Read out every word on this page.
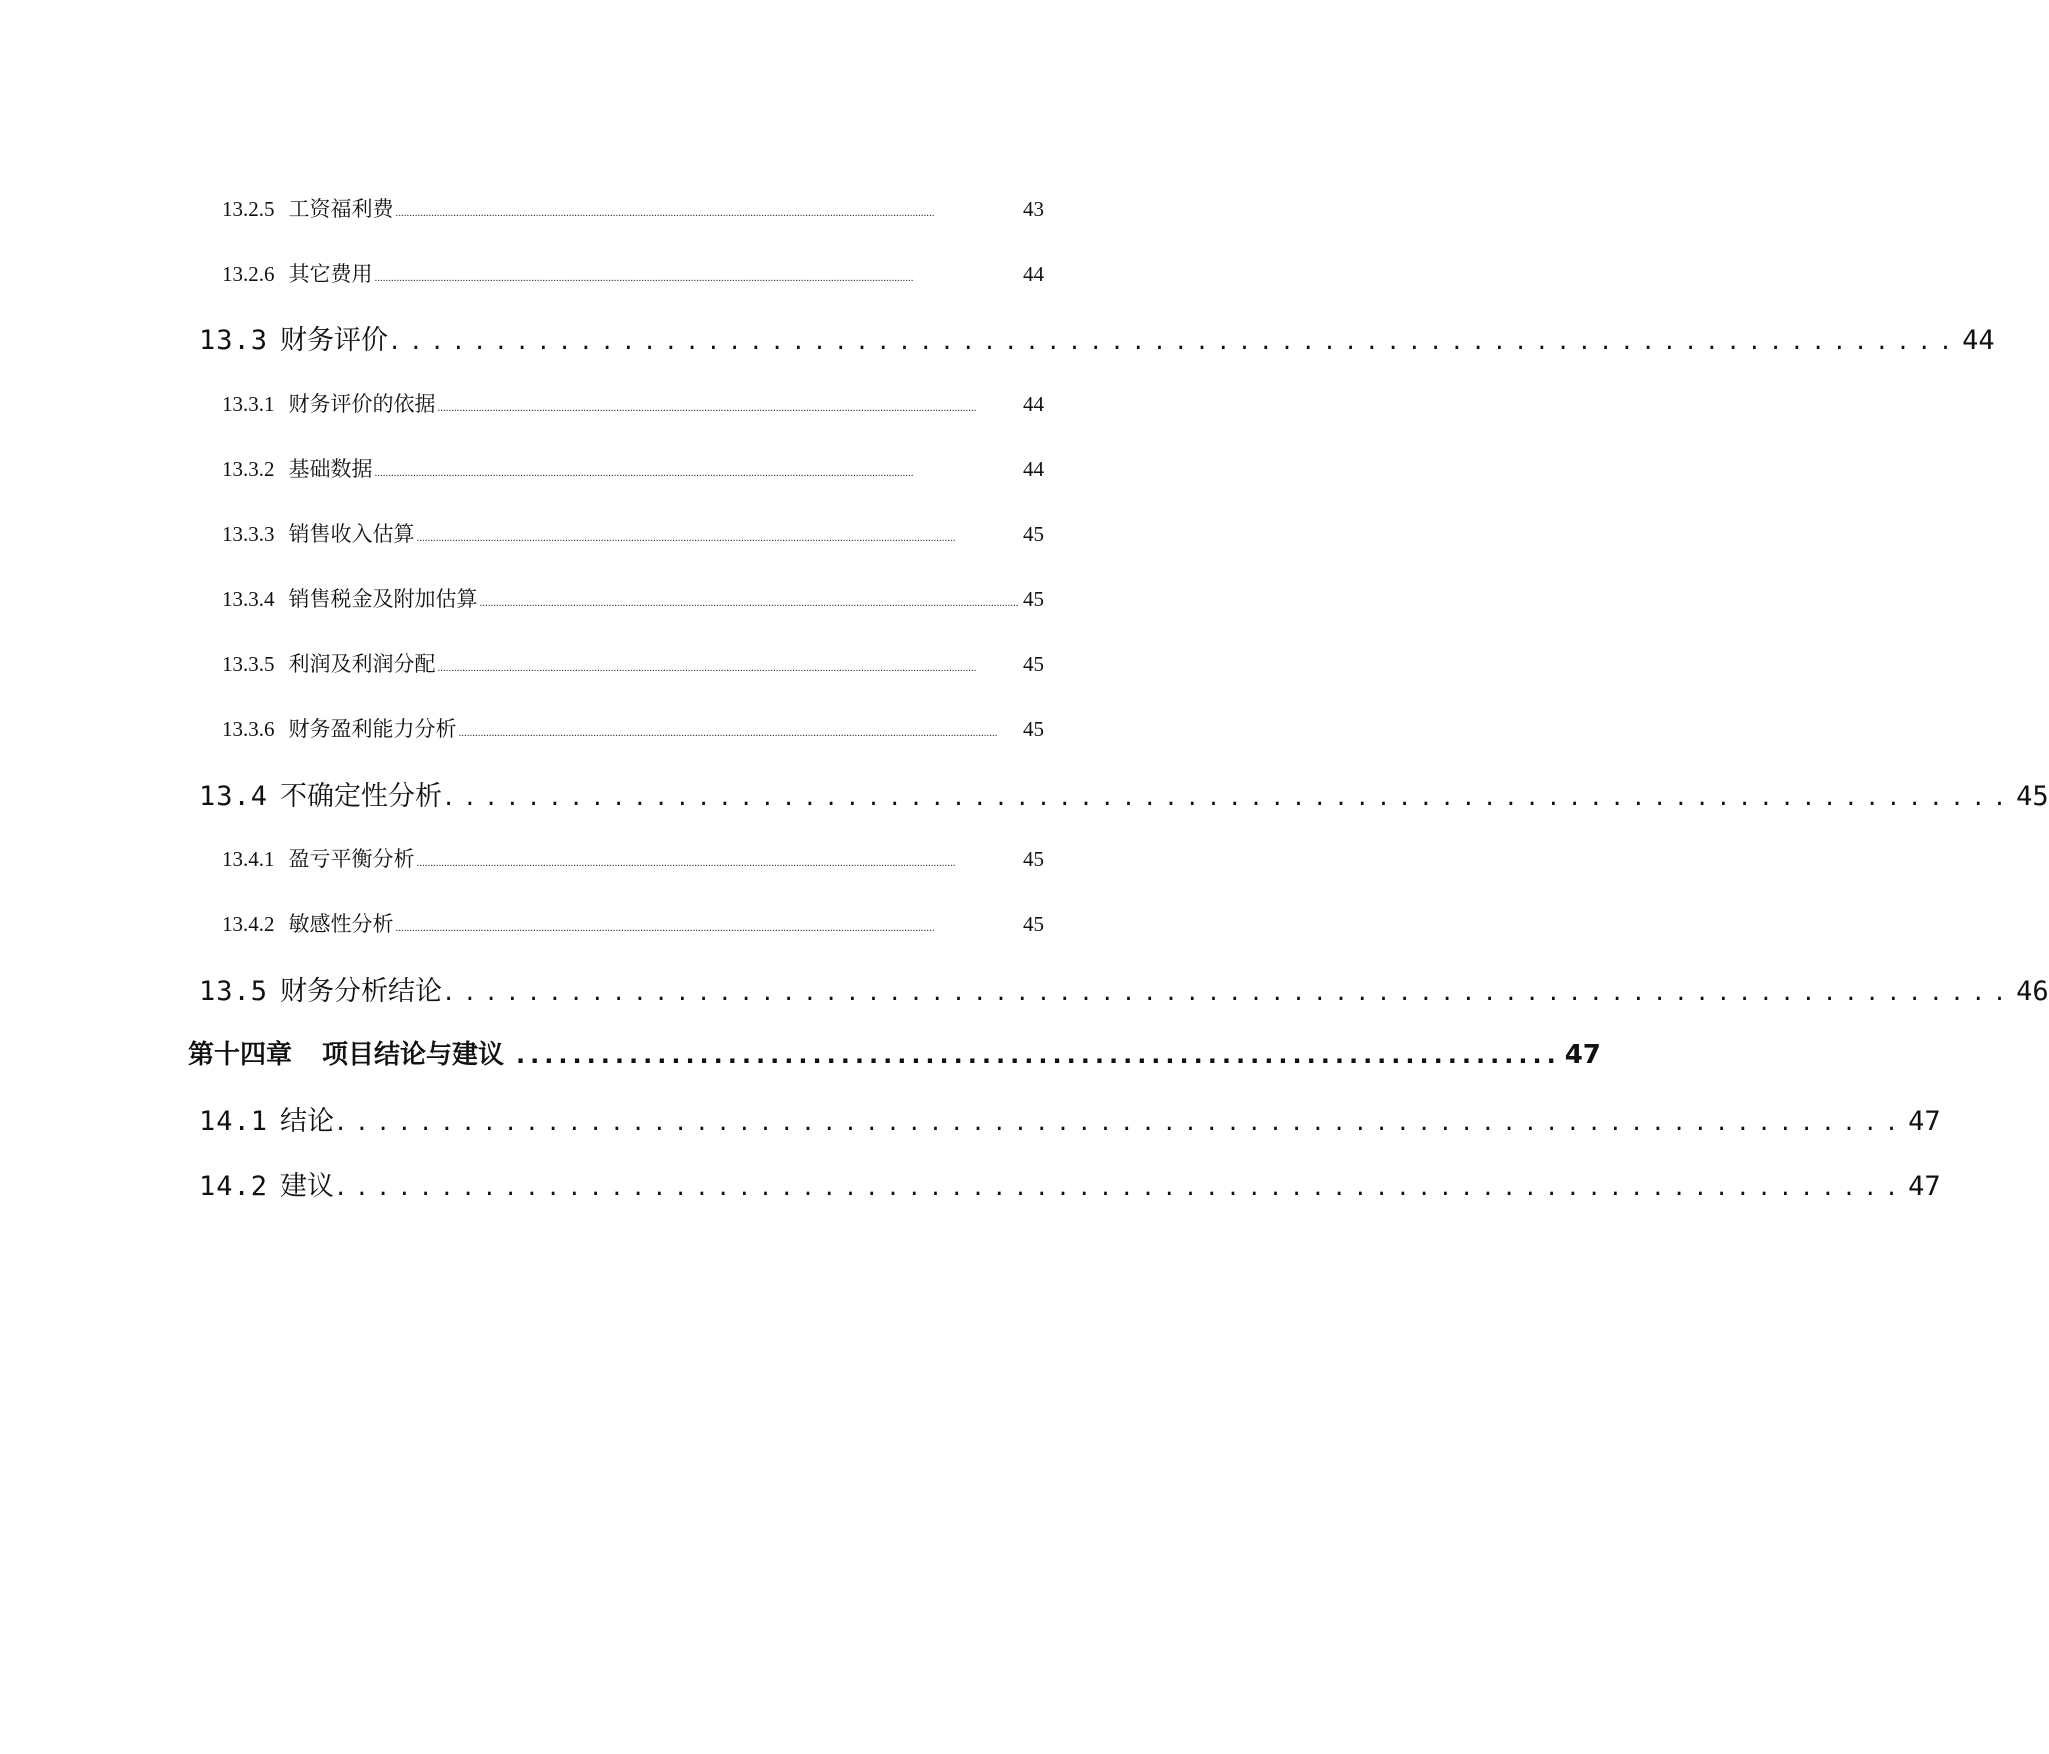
13.2.5 工资福利费 ....................................................................................................................................................................................................	43
13.2.6 其它费用 ....................................................................................................................................................................................................	44
13.3 财务评价 .......................................................................... 44
13.3.1 财务评价的依据 ....................................................................................................................................................................................................	44
13.3.2 基础数据 ....................................................................................................................................................................................................	44
13.3.3 销售收入估算 ....................................................................................................................................................................................................	45
13.3.4 销售税金及附加估算 .................................................................................................................................................................................................... 45
13.3.5 利润及利润分配 ....................................................................................................................................................................................................	45
13.3.6 财务盈利能力分析 ....................................................................................................................................................................................................	45
13.4 不确定性分析 .......................................................................... 45
13.4.1 盈亏平衡分析 ....................................................................................................................................................................................................	45
13.4.2 敏感性分析 ....................................................................................................................................................................................................	45
13.5 财务分析结论 .......................................................................... 46
第十四章 项目结论与建议 .......................................................................... 47
14.1 结论 .......................................................................... 47
14.2 建议 .......................................................................... 47
